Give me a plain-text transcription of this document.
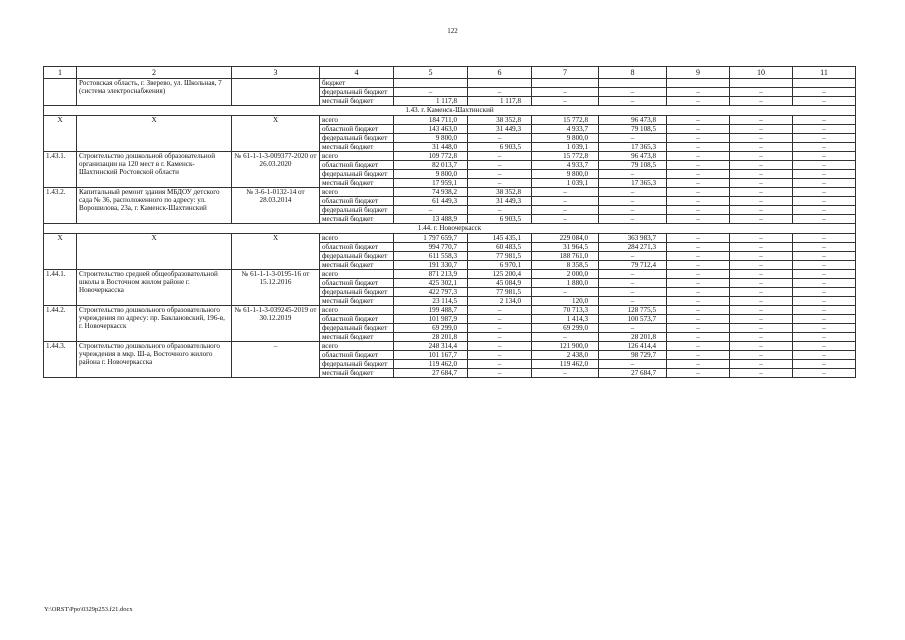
122
1	2	3	4	5	6	7	8	9	10	11
	Ростовская область, г. Зверево, ул. Школьная, 7 (система электроснабжения)		бюджет							
			федеральный бюджет	–	–	–	–	–	–	–
			местный бюджет	1 117,8	1 117,8	–	–	–	–	–
1.43. г. Каменск-Шахтинский										
Х	Х	Х	всего	184 711,0	38 352,8	15 772,8	96 473,8	–	–	–
			областной бюджет	143 463,0	31 449,3	4 933,7	79 108,5	–	–	–
			федеральный бюджет	9 800,0	–	9 800,0	–	–	–	–
			местный бюджет	31 448,0	6 903,5	1 039,1	17 365,3	–	–	–
1.43.1.	Строительство дошкольной образовательной организации на 120 мест в г. Каменск-Шахтинский Ростовской области	№ 61-1-1-3-009377-2020 от 26.03.2020	всего	109 772,8	–	15 772,8	96 473,8	–	–	–
			областной бюджет	82 013,7	–	4 933,7	79 108,5	–	–	–
			федеральный бюджет	9 800,0	–	9 800,0	–	–	–	–
			местный бюджет	17 959,1	–	1 039,1	17 365,3	–	–	–
1.43.2.	Капитальный ремонт здания МБДОУ детского сада № 36, расположенного по адресу: ул. Ворошилова, 23а, г. Каменск-Шахтинский	№ 3-6-1-0132-14 от 28.03.2014	всего	74 938,2	38 352,8	–	–	–	–	–
			областной бюджет	61 449,3	31 449,3	–	–	–	–	–
			федеральный бюджет	–	–	–	–	–	–	–
			местный бюджет	13 488,9	6 903,5	–	–	–	–	–
1.44. г. Новочеркасск										
Х	Х	Х	всего	1 797 659,7	145 435,1	229 084,0	363 983,7	–	–	–
			областной бюджет	994 770,7	60 483,5	31 964,5	284 271,3	–	–	–
			федеральный бюджет	611 558,3	77 981,5	188 761,0	–	–	–	–
			местный бюджет	191 330,7	6 970,1	8 358,5	79 712,4	–	–	–
1.44.1.	Строительство средней общеобразовательной школы в Восточном жилом районе г. Новочеркасска	№ 61-1-1-3-0195-16 от 15.12.2016	всего	871 213,9	125 200,4	2 000,0	–	–	–	–
			областной бюджет	425 302,1	45 084,9	1 880,0	–	–	–	–
			федеральный бюджет	422 797,3	77 981,5	–	–	–	–	–
			местный бюджет	23 114,5	2 134,0	120,0	–	–	–	–
1.44.2.	Строительство дошкольного образовательного учреждения по адресу: пр. Баклановский, 196-в, г. Новочеркасск	№ 61-1-1-3-039245-2019 от 30.12.2019	всего	199 488,7	–	70 713,3	128 775,5	–	–	–
			областной бюджет	101 987,9	–	1 414,3	100 573,7	–	–	–
			федеральный бюджет	69 299,0	–	69 299,0	–	–	–	–
			местный бюджет	28 201,8	–	–	28 201,8	–	–	–
1.44.3.	Строительство дошкольного образовательного учреждения в мкр. Ш-а, Восточного жилого района г. Новочеркасска	–	всего	248 314,4	–	121 900,0	126 414,4	–	–	–
			областной бюджет	101 167,7	–	2 438,0	98 729,7	–	–	–
			федеральный бюджет	119 462,0	–	119 462,0	–	–	–	–
			местный бюджет	27 684,7	–	–	27 684,7	–	–	–
Y:\ORST\Ppo\0329p253.f21.docx
